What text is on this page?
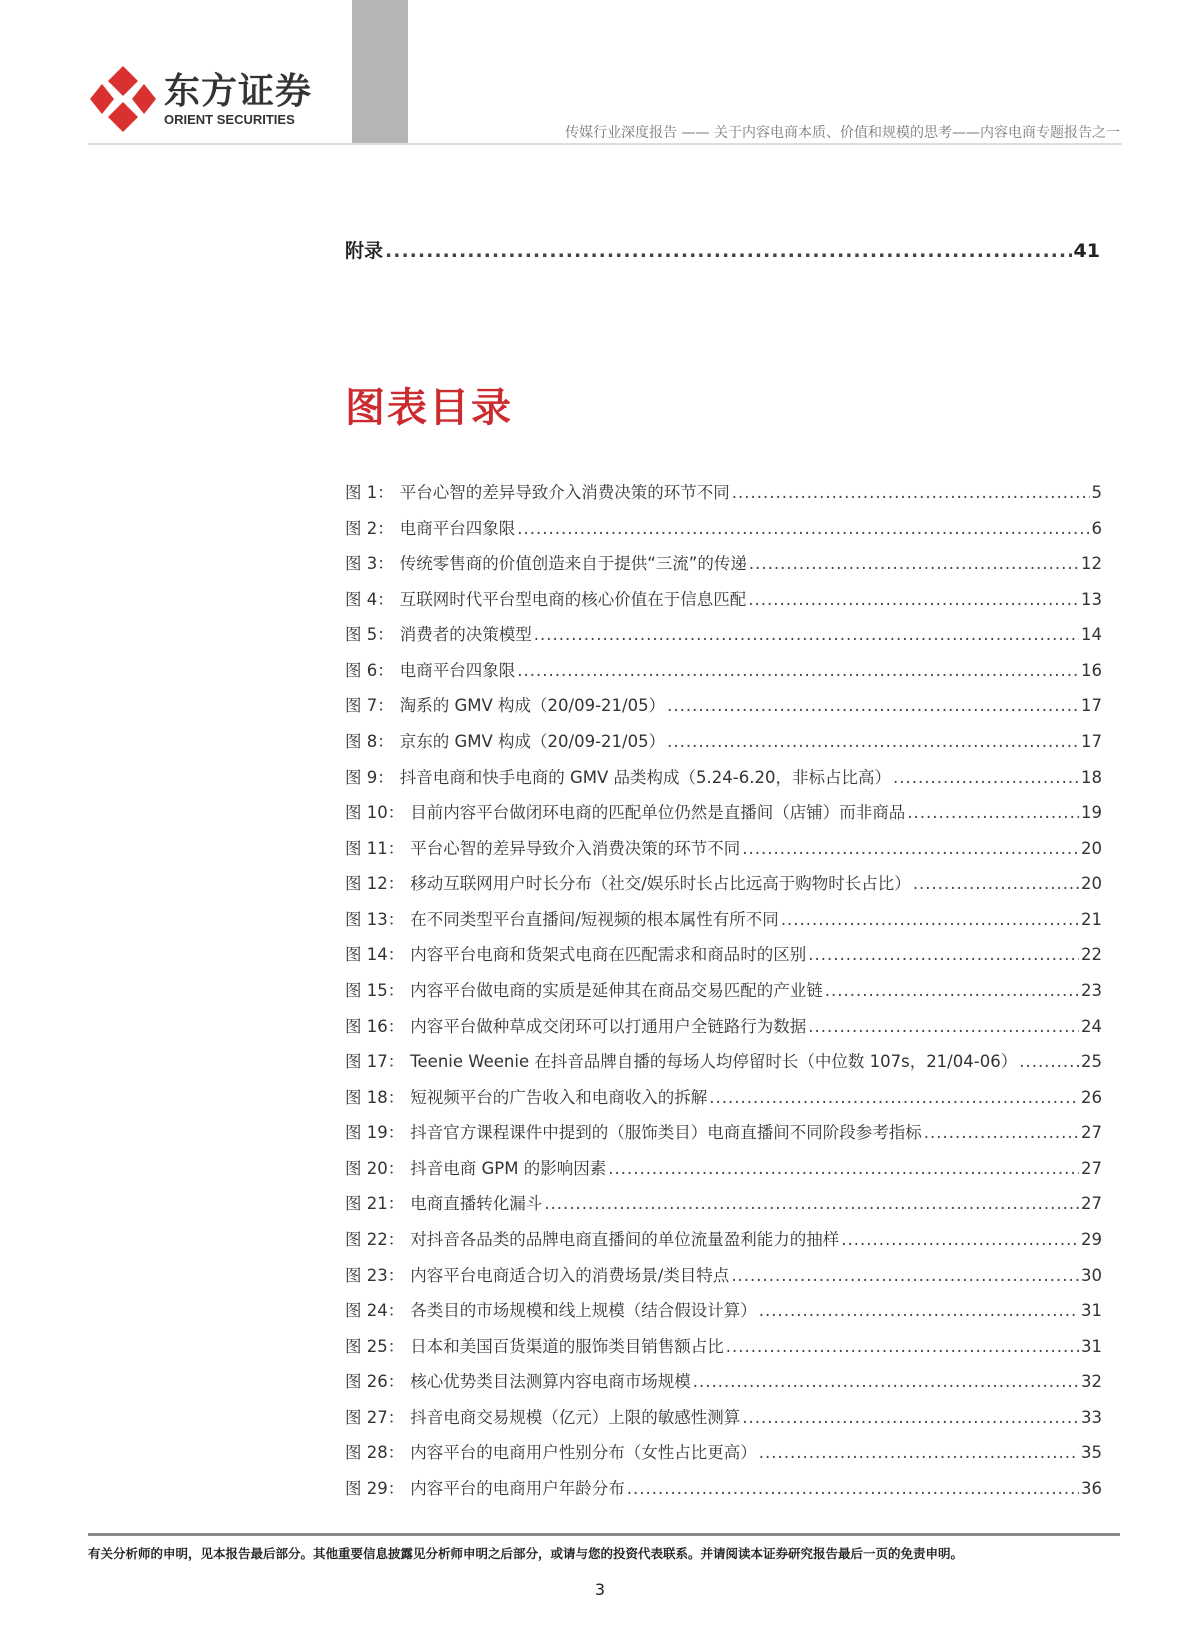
东方证券
ORIENT SECURITIES
传媒行业深度报告 —— 关于内容电商本质、价值和规模的思考——内容电商专题报告之一
附录 .....	41
图表目录
图 1： 平台心智的差异导致介入消费决策的环节不同 .....	5
图 2： 电商平台四象限 .....	6
图 3： 传统零售商的价值创造来自于提供“三流”的传递 .....	12
图 4： 互联网时代平台型电商的核心价值在于信息匹配 .....	13
图 5： 消费者的决策模型 .....	14
图 6： 电商平台四象限 .....	16
图 7： 淘系的 GMV 构成（20/09-21/05） .....	17
图 8： 京东的 GMV 构成（20/09-21/05） .....	17
图 9： 抖音电商和快手电商的 GMV 品类构成（5.24-6.20，非标占比高） .....	18
图 10： 目前内容平台做闭环电商的匹配单位仍然是直播间（店铺）而非商品 .....	19
图 11： 平台心智的差异导致介入消费决策的环节不同 .....	20
图 12： 移动互联网用户时长分布（社交/娱乐时长占比远高于购物时长占比） .....	20
图 13： 在不同类型平台直播间/短视频的根本属性有所不同 .....	21
图 14： 内容平台电商和货架式电商在匹配需求和商品时的区别 .....	22
图 15： 内容平台做电商的实质是延伸其在商品交易匹配的产业链 .....	23
图 16： 内容平台做种草成交闭环可以打通用户全链路行为数据 .....	24
图 17： Teenie Weenie 在抖音品牌自播的每场人均停留时长（中位数 107s，21/04-06） .....	25
图 18： 短视频平台的广告收入和电商收入的拆解 .....	26
图 19： 抖音官方课程课件中提到的（服饰类目）电商直播间不同阶段参考指标 .....	27
图 20： 抖音电商 GPM 的影响因素 .....	27
图 21： 电商直播转化漏斗 .....	27
图 22： 对抖音各品类的品牌电商直播间的单位流量盈利能力的抽样 .....	29
图 23： 内容平台电商适合切入的消费场景/类目特点 .....	30
图 24： 各类目的市场规模和线上规模（结合假设计算） .....	31
图 25： 日本和美国百货渠道的服饰类目销售额占比 .....	31
图 26： 核心优势类目法测算内容电商市场规模 .....	32
图 27： 抖音电商交易规模（亿元）上限的敏感性测算 .....	33
图 28： 内容平台的电商用户性别分布（女性占比更高） .....	35
图 29： 内容平台的电商用户年龄分布 .....	36
有关分析师的申明，见本报告最后部分。其他重要信息披露见分析师申明之后部分，或请与您的投资代表联系。并请阅读本证券研究报告最后一页的免责申明。
3
